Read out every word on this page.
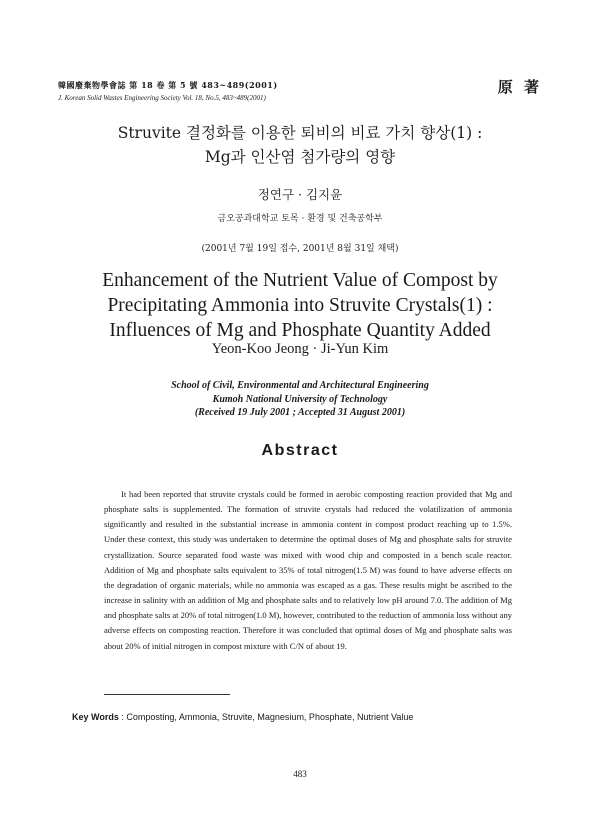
韓國廢棄物學會誌 第 18 卷 第 5 號 483~489(2001)
J. Korean Solid Wastes Engineering Society Vol. 18, No.5, 483~489(2001)
原 著
Struvite 결정화를 이용한 퇴비의 비료 가치 향상(1) :
Mg과 인산염 첨가량의 영향
정연구 · 김지윤
금오공과대학교 토목 · 환경 및 건축공학부
(2001년 7월 19일 접수, 2001년 8월 31일 채택)
Enhancement of the Nutrient Value of Compost by
Precipitating Ammonia into Struvite Crystals(1) :
Influences of Mg and Phosphate Quantity Added
Yeon-Koo Jeong · Ji-Yun Kim
School of Civil, Environmental and Architectural Engineering
Kumoh National University of Technology
(Received 19 July 2001 ; Accepted 31 August 2001)
Abstract

It had been reported that struvite crystals could be formed in aerobic composting reaction provided that Mg and phosphate salts is supplemented. The formation of struvite crystals had reduced the volatilization of ammonia significantly and resulted in the substantial increase in ammonia content in compost product reaching up to 1.5%. Under these context, this study was undertaken to determine the optimal doses of Mg and phosphate salts for struvite crystallization. Source separated food waste was mixed with wood chip and composted in a bench scale reactor. Addition of Mg and phosphate salts equivalent to 35% of total nitrogen(1.5 M) was found to have adverse effects on the degradation of organic materials, while no ammonia was escaped as a gas. These results might be ascribed to the increase in salinity with an addition of Mg and phosphate salts and to relatively low pH around 7.0. The addition of Mg and phosphate salts at 20% of total nitrogen(1.0 M), however, contributed to the reduction of ammonia loss without any adverse effects on composting reaction. Therefore it was concluded that optimal doses of Mg and phosphate salts was about 20% of initial nitrogen in compost mixture with C/N of about 19.

Key Words : Composting, Ammonia, Struvite, Magnesium, Phosphate, Nutrient Value
483
